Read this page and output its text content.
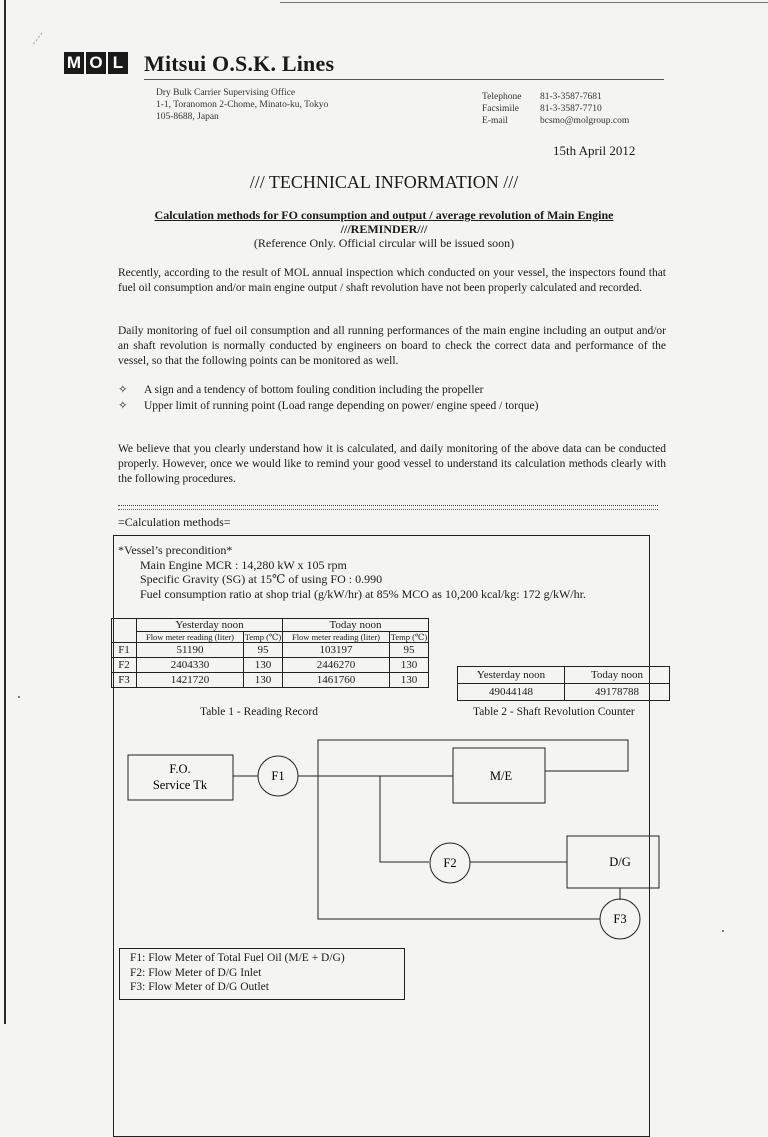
M O L Mitsui O.S.K. Lines
Dry Bulk Carrier Supervising Office
1-1, Toranomon 2-Chome, Minato-ku, Tokyo
105-8688, Japan
Telephone	81-3-3587-7681
Facsimile	81-3-3587-7710
E-mail	bcsmo@molgroup.com
15th April 2012
/// TECHNICAL INFORMATION ///
Calculation methods for FO consumption and output / average revolution of Main Engine
///REMINDER///
(Reference Only. Official circular will be issued soon)
Recently, according to the result of MOL annual inspection which conducted on your vessel, the inspectors found that fuel oil consumption and/or main engine output / shaft revolution have not been properly calculated and recorded.
Daily monitoring of fuel oil consumption and all running performances of the main engine including an output and/or an shaft revolution is normally conducted by engineers on board to check the correct data and performance of the vessel, so that the following points can be monitored as well.
✧	A sign and a tendency of bottom fouling condition including the propeller
✧	Upper limit of running point (Load range depending on power/ engine speed / torque)
We believe that you clearly understand how it is calculated, and daily monitoring of the above data can be conducted properly. However, once we would like to remind your good vessel to understand its calculation methods clearly with the following procedures.
=Calculation methods=
*Vessel’s precondition*
Main Engine MCR : 14,280 kW x 105 rpm
Specific Gravity (SG) at 15℃ of using FO : 0.990
Fuel consumption ratio at shop trial (g/kW/hr) at 85% MCO as 10,200 kcal/kg: 172 g/kW/hr.
	Yesterday noon		Today noon	
	Flow meter reading (liter)	Temp (℃)	Flow meter reading (liter)	Temp (℃)
F1	51190	95	103197	95
F2	2404330	130	2446270	130
F3	1421720	130	1461760	130
Table 1 - Reading Record
Yesterday noon	Today noon
49044148	49178788
Table 2 - Shaft Revolution Counter
F.O.
Service Tk
F1	M/E
F2	D/G
F3
F1: Flow Meter of Total Fuel Oil (M/E + D/G)
F2: Flow Meter of D/G Inlet
F3: Flow Meter of D/G Outlet
